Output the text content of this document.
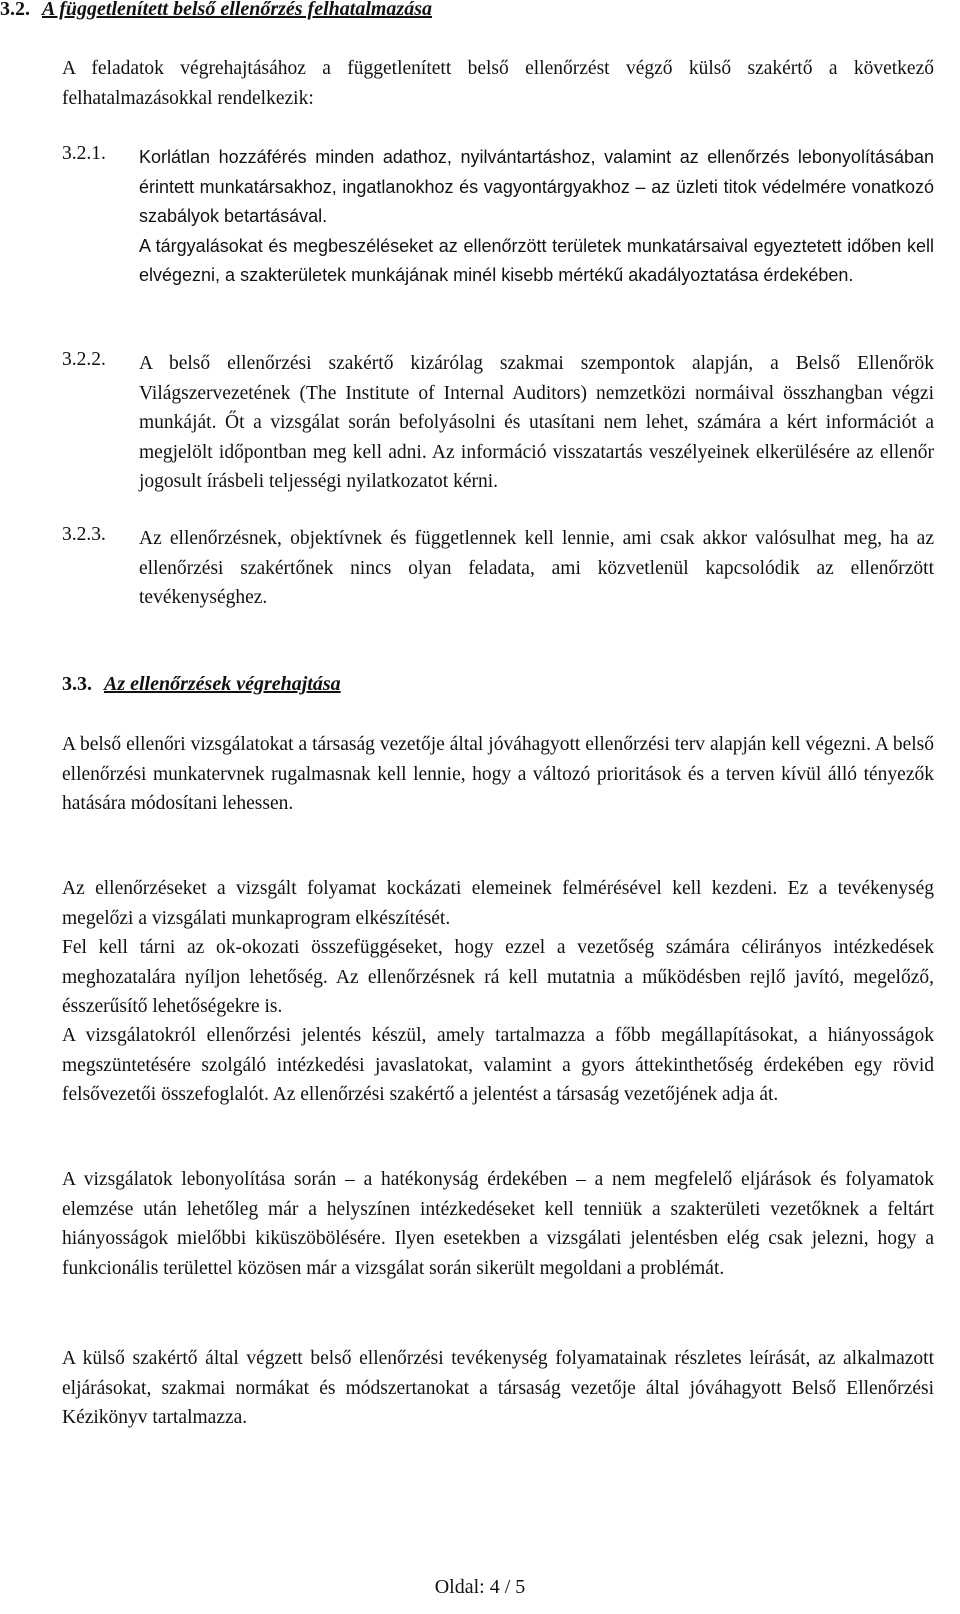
3.2. A függetlenített belső ellenőrzés felhatalmazása
A feladatok végrehajtásához a függetlenített belső ellenőrzést végző külső szakértő a következő felhatalmazásokkal rendelkezik:
3.2.1. Korlátlan hozzáférés minden adathoz, nyilvántartáshoz, valamint az ellenőrzés lebonyolításában érintett munkatársakhoz, ingatlanokhoz és vagyontárgyakhoz – az üzleti titok védelmére vonatkozó szabályok betartásával.
A tárgyalásokat és megbeszéléseket az ellenőrzött területek munkatársaival egyeztetett időben kell elvégezni, a szakterületek munkájának minél kisebb mértékű akadályoztatása érdekében.
3.2.2. A belső ellenőrzési szakértő kizárólag szakmai szempontok alapján, a Belső Ellenőrök Világszervezetének (The Institute of Internal Auditors) nemzetközi normáival összhangban végzi munkáját. Őt a vizsgálat során befolyásolni és utasítani nem lehet, számára a kért információt a megjelölt időpontban meg kell adni. Az információ visszatartás veszélyeinek elkerülésére az ellenőr jogosult írásbeli teljességi nyilatkozatot kérni.
3.2.3. Az ellenőrzésnek, objektívnek és függetlennek kell lennie, ami csak akkor valósulhat meg, ha az ellenőrzési szakértőnek nincs olyan feladata, ami közvetlenül kapcsolódik az ellenőrzött tevékenységhez.
3.3. Az ellenőrzések végrehajtása
A belső ellenőri vizsgálatokat a társaság vezetője által jóváhagyott ellenőrzési terv alapján kell végezni. A belső ellenőrzési munkatervnek rugalmasnak kell lennie, hogy a változó prioritások és a terven kívül álló tényezők hatására módosítani lehessen.
Az ellenőrzéseket a vizsgált folyamat kockázati elemeinek felmérésével kell kezdeni. Ez a tevékenység megelőzi a vizsgálati munkaprogram elkészítését.
Fel kell tárni az ok-okozati összefüggéseket, hogy ezzel a vezetőség számára célirányos intézkedések meghozatalára nyíljon lehetőség. Az ellenőrzésnek rá kell mutatnia a működésben rejlő javító, megelőző, ésszerűsítő lehetőségekre is.
A vizsgálatokról ellenőrzési jelentés készül, amely tartalmazza a főbb megállapításokat, a hiányosságok megszüntetésére szolgáló intézkedési javaslatokat, valamint a gyors áttekinthetőség érdekében egy rövid felsővezetői összefoglalót. Az ellenőrzési szakértő a jelentést a társaság vezetőjének adja át.
A vizsgálatok lebonyolítása során – a hatékonyság érdekében – a nem megfelelő eljárások és folyamatok elemzése után lehetőleg már a helyszínen intézkedéseket kell tenniük a szakterületi vezetőknek a feltárt hiányosságok mielőbbi kiküszöbölésére. Ilyen esetekben a vizsgálati jelentésben elég csak jelezni, hogy a funkcionális területtel közösen már a vizsgálat során sikerült megoldani a problémát.
A külső szakértő által végzett belső ellenőrzési tevékenység folyamatainak részletes leírását, az alkalmazott eljárásokat, szakmai normákat és módszertanokat a társaság vezetője által jóváhagyott Belső Ellenőrzési Kézikönyv tartalmazza.
Oldal: 4 / 5
